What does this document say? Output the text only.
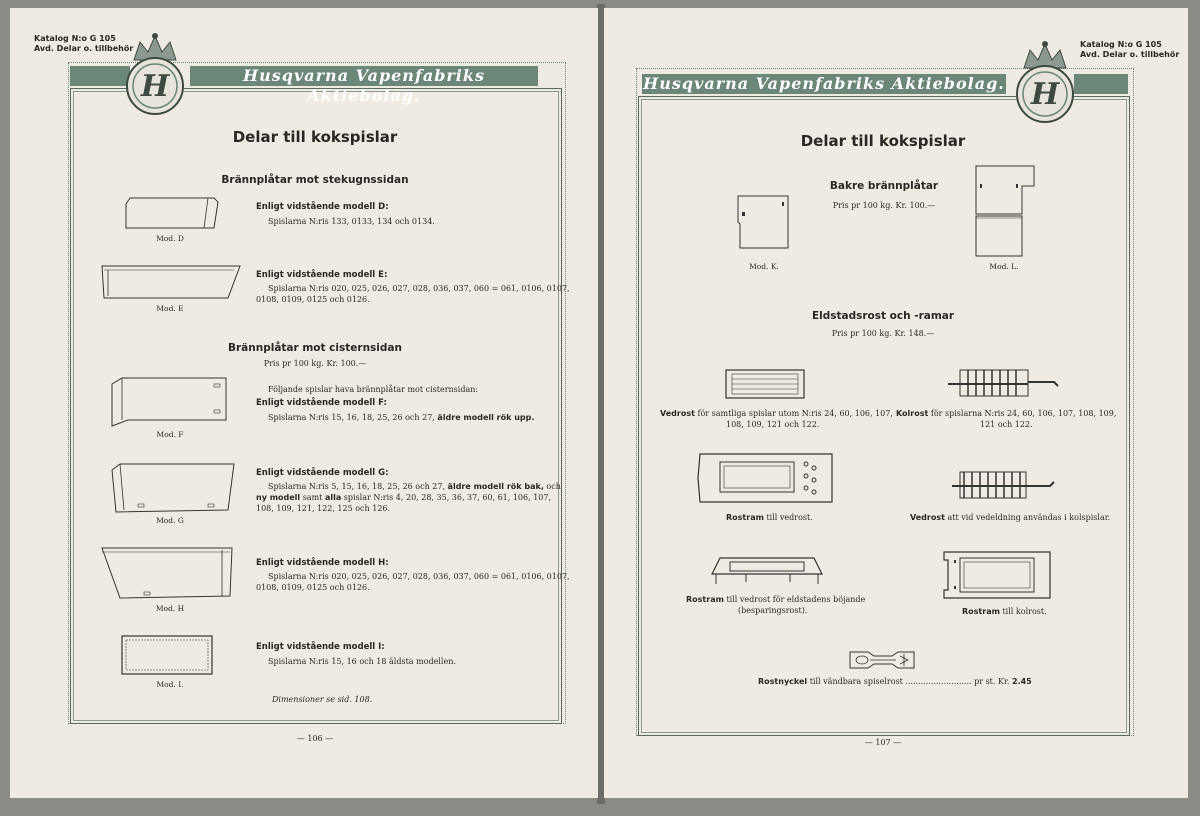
Katalog N:o G 105
Avd. Delar o. tillbehör
Husqvarna Vapenfabriks Aktiebolag.
H
Delar till kokspislar
Brännplåtar mot stekugnssidan
Mod. D
Enligt vidstående modell D:
Spislarna N:ris 133, 0133, 134 och 0134.
Mod. E
Enligt vidstående modell E:
Spislarna N:ris 020, 025, 026, 027, 028, 036, 037, 060 = 061, 0106, 0107,
0108, 0109, 0125 och 0126.
Brännplåtar mot cisternsidan
Pris pr 100 kg. Kr. 100.—
Mod. F
Följande spislar hava brännplåtar mot cisternsidan:
Enligt vidstående modell F:
Spislarna N:ris 15, 16, 18, 25, 26 och 27, äldre modell rök upp.
Mod. G
Enligt vidstående modell G:
Spislarna N:ris 5, 15, 16, 18, 25, 26 och 27, äldre modell rök bak, och
ny modell samt alla spislar N:ris 4, 20, 28, 35, 36, 37, 60, 61, 106, 107,
108, 109, 121, 122, 125 och 126.
Mod. H
Enligt vidstående modell H:
Spislarna N:ris 020, 025, 026, 027, 028, 036, 037, 060 = 061, 0106, 0107,
0108, 0109, 0125 och 0126.
Mod. I.
Enligt vidstående modell I:
Spislarna N:ris 15, 16 och 18 äldsta modellen.
Dimensioner se sid. 108.
— 106 —
Katalog N:o G 105
Avd. Delar o. tillbehör
Husqvarna Vapenfabriks Aktiebolag. H
Delar till kokspislar
Bakre brännplåtar
Pris pr 100 kg. Kr. 100.—
Mod. K.	Mod. L.
Eldstadsrost och -ramar
Pris pr 100 kg. Kr. 148.—
Vedrost för samtliga spislar utom N:ris 24, 60, 106, 107,
108, 109, 121 och 122.
Kolrost för spislarna N:ris 24, 60, 106, 107, 108, 109,
121 och 122.
Rostram till vedrost.	Vedrost att vid vedeldning användas i kolspislar.
Rostram till vedrost för eldstadens böjande
(besparingsrost).	Rostram till kolrost.
Rostnyckel till vändbara spiselrost .......................... pr st. Kr. 2.45
— 107 —
